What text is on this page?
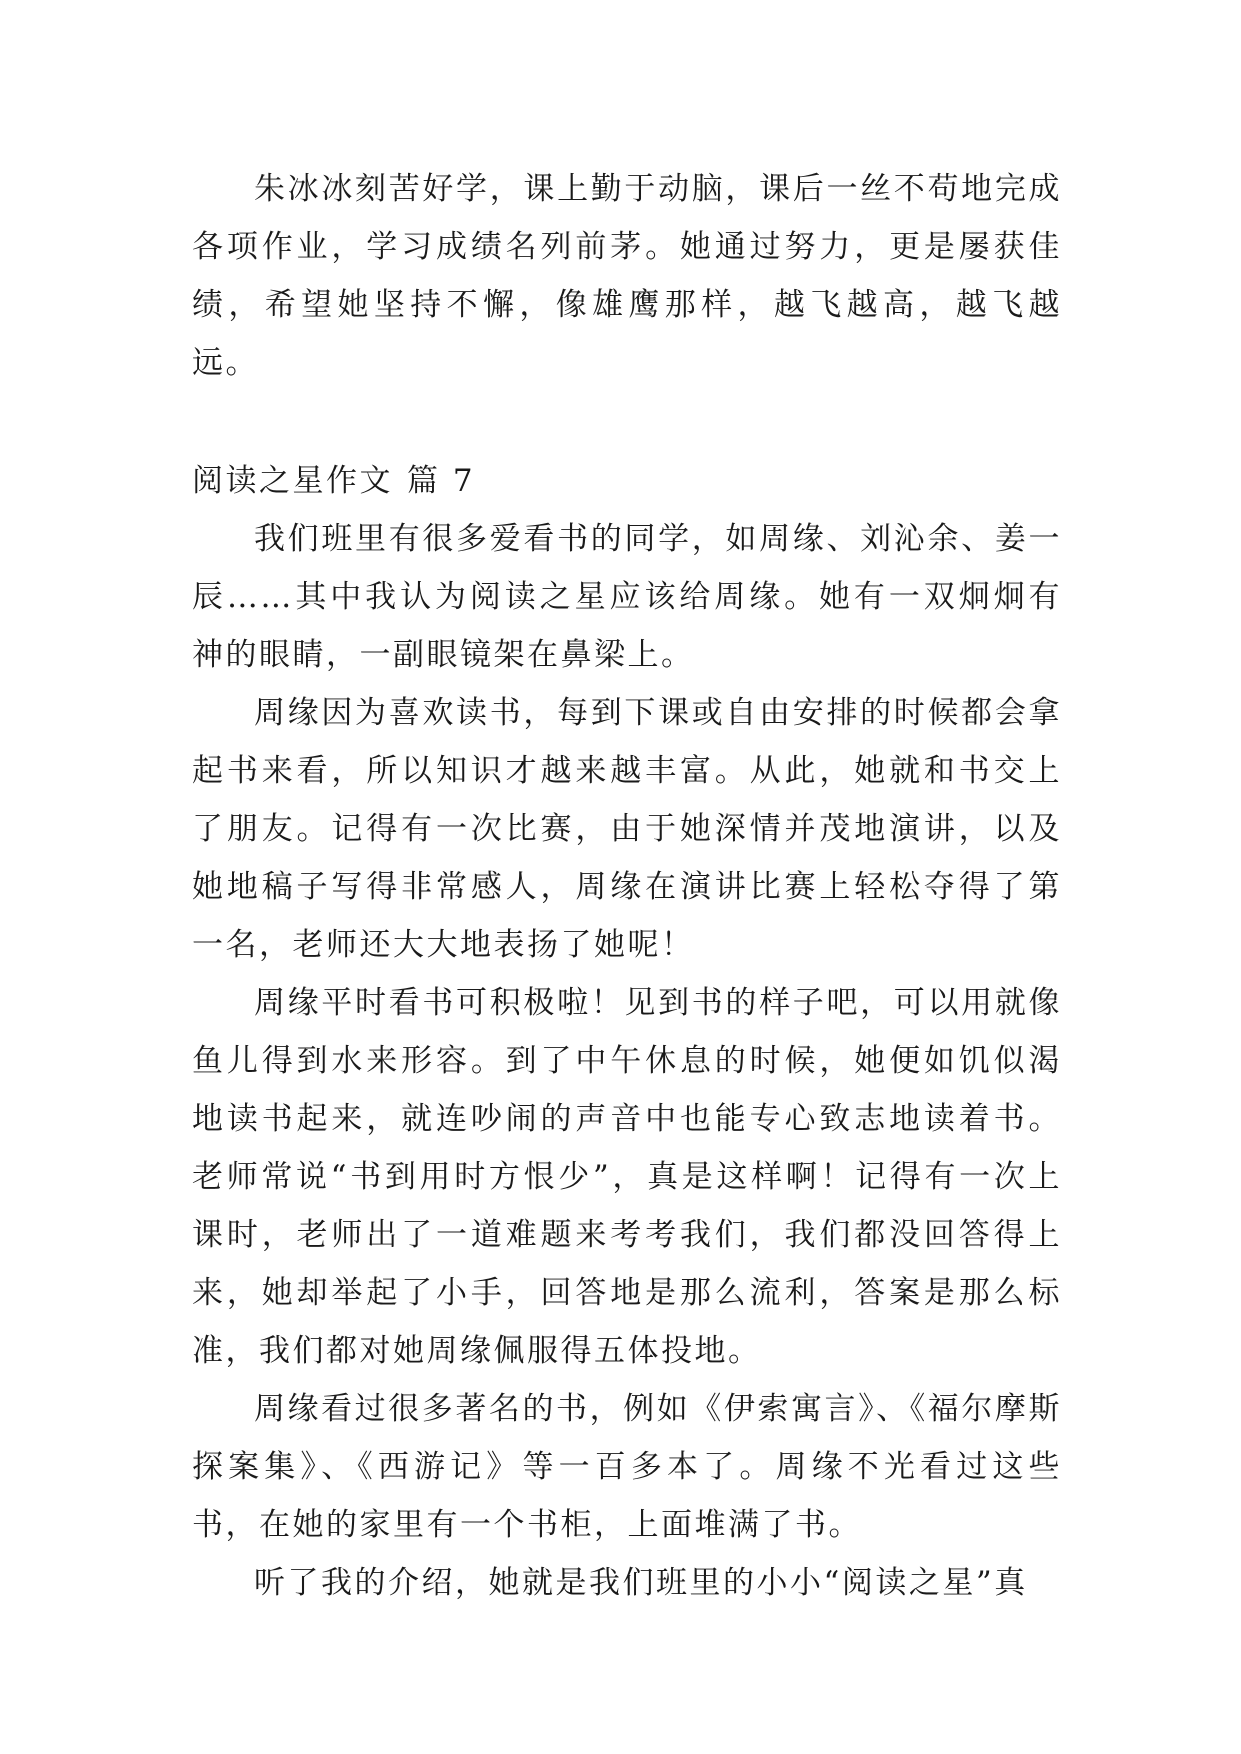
朱冰冰刻苦好学，课上勤于动脑，课后一丝不苟地完成各项作业，学习成绩名列前茅。她通过努力，更是屡获佳绩，希望她坚持不懈，像雄鹰那样，越飞越高，越飞越远。

阅读之星作文 篇 7

我们班里有很多爱看书的同学，如周缘、刘沁余、姜一辰……其中我认为阅读之星应该给周缘。她有一双炯炯有神的眼睛，一副眼镜架在鼻梁上。

周缘因为喜欢读书，每到下课或自由安排的时候都会拿起书来看，所以知识才越来越丰富。从此，她就和书交上了朋友。记得有一次比赛，由于她深情并茂地演讲，以及她地稿子写得非常感人，周缘在演讲比赛上轻松夺得了第一名，老师还大大地表扬了她呢！

周缘平时看书可积极啦！见到书的样子吧，可以用就像鱼儿得到水来形容。到了中午休息的时候，她便如饥似渴地读书起来，就连吵闹的声音中也能专心致志地读着书。老师常说“书到用时方恨少”，真是这样啊！记得有一次上课时，老师出了一道难题来考考我们，我们都没回答得上来，她却举起了小手，回答地是那么流利，答案是那么标准，我们都对她周缘佩服得五体投地。

周缘看过很多著名的书，例如《伊索寓言》、《福尔摩斯探案集》、《西游记》等一百多本了。周缘不光看过这些书，在她的家里有一个书柜，上面堆满了书。

听了我的介绍，她就是我们班里的小小“阅读之星”真
